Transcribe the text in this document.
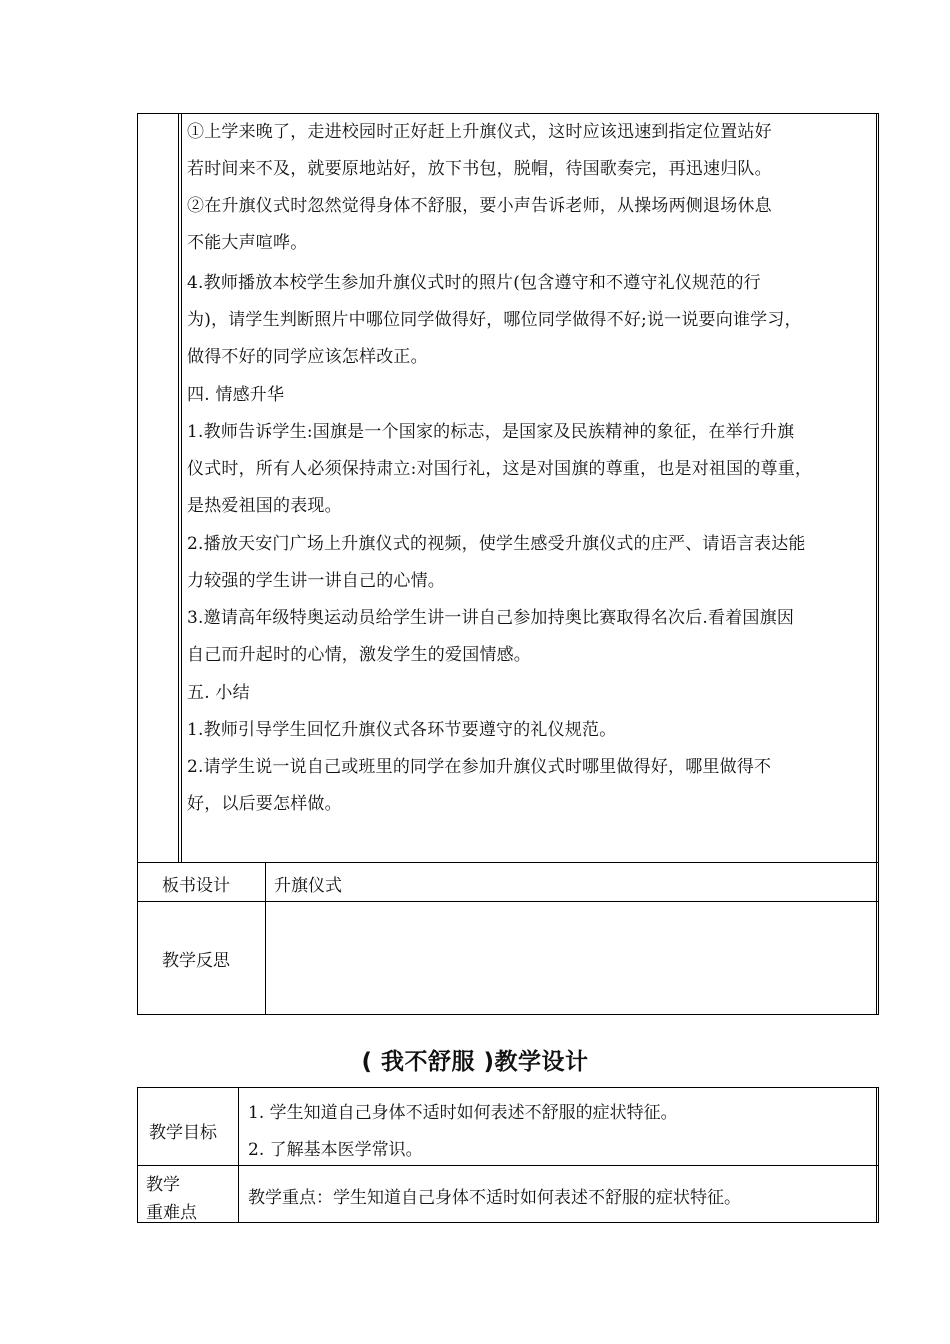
①上学来晚了，走进校园时正好赶上升旗仪式，这时应该迅速到指定位置站好
若时间来不及，就要原地站好，放下书包，脱帽，待国歌奏完，再迅速归队。
②在升旗仪式时忽然觉得身体不舒服，要小声告诉老师，从操场两侧退场休息
不能大声喧哗。
4.教师播放本校学生参加升旗仪式时的照片(包含遵守和不遵守礼仪规范的行
为)，请学生判断照片中哪位同学做得好，哪位同学做得不好;说一说要向谁学习，
做得不好的同学应该怎样改正。
四. 情感升华
1.教师告诉学生:国旗是一个国家的标志，是国家及民族精神的象征，在举行升旗
仪式时，所有人必须保持肃立:对国行礼，这是对国旗的尊重，也是对祖国的尊重，
是热爱祖国的表现。
2.播放天安门广场上升旗仪式的视频，使学生感受升旗仪式的庄严、请语言表达能
力较强的学生讲一讲自己的心情。
3.邀请高年级特奥运动员给学生讲一讲自己参加持奥比赛取得名次后.看着国旗因
自己而升起时的心情，激发学生的爱国情感。
五. 小结
1.教师引导学生回忆升旗仪式各环节要遵守的礼仪规范。
2.请学生说一说自己或班里的同学在参加升旗仪式时哪里做得好，哪里做得不
好，以后要怎样做。
板书设计	升旗仪式
教学反思
( 我不舒服 )教学设计
教学目标
1. 学生知道自己身体不适时如何表述不舒服的症状特征。
2. 了解基本医学常识。
教学
重难点
教学重点：学生知道自己身体不适时如何表述不舒服的症状特征。
